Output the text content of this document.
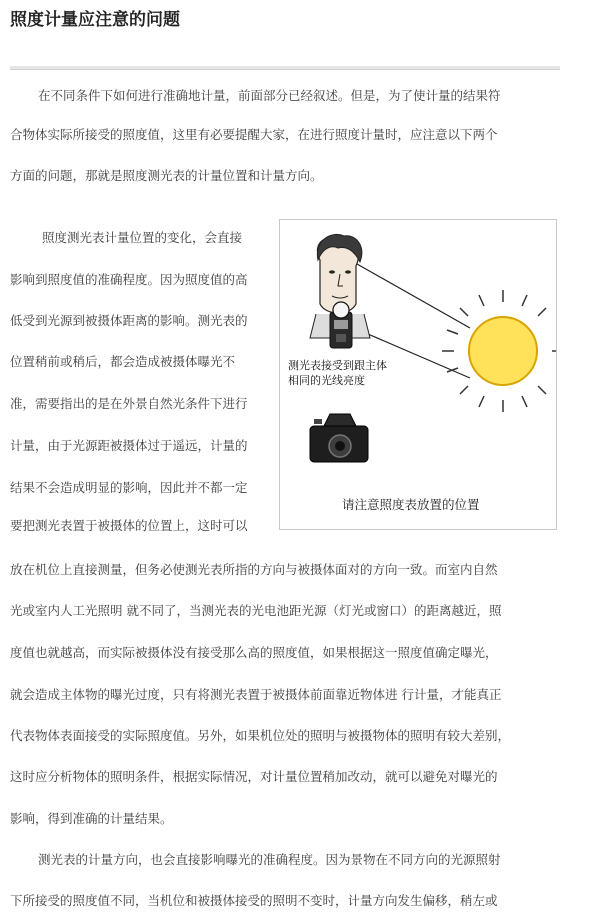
照度计量应注意的问题
在不同条件下如何进行准确地计量，前面部分已经叙述。但是，为了使计量的结果符
合物体实际所接受的照度值，这里有必要提醒大家，在进行照度计量时，应注意以下两个
方面的问题，那就是照度测光表的计量位置和计量方向。
照度测光表计量位置的变化，会直接
影响到照度值的准确程度。因为照度值的高
低受到光源到被摄体距离的影响。测光表的
位置稍前或稍后，都会造成被摄体曝光不
准，需要指出的是在外景自然光条件下进行
计量，由于光源距被摄体过于遥远，计量的
结果不会造成明显的影响，因此并不都一定
要把测光表置于被摄体的位置上，这时可以
放在机位上直接测量，但务必使测光表所指的方向与被摄体面对的方向一致。而室内自然
光或室内人工光照明 就不同了，当测光表的光电池距光源（灯光或窗口）的距离越近，照
度值也就越高，而实际被摄体没有接受那么高的照度值，如果根据这一照度值确定曝光，
就会造成主体物的曝光过度，只有将测光表置于被摄体前面靠近物体进 行计量，才能真正
代表物体表面接受的实际照度值。另外，如果机位处的照明与被摄物体的照明有较大差别，
这时应分析物体的照明条件，根据实际情况，对计量位置稍加改动，就可以避免对曝光的
影响，得到准确的计量结果。
测光表的计量方向，也会直接影响曝光的准确程度。因为景物在不同方向的光源照射
下所接受的照度值不同，当机位和被摄体接受的照明不变时，计量方向发生偏移，稍左或
测光表接受到跟主体
相同的光线亮度
请注意照度表放置的位置
